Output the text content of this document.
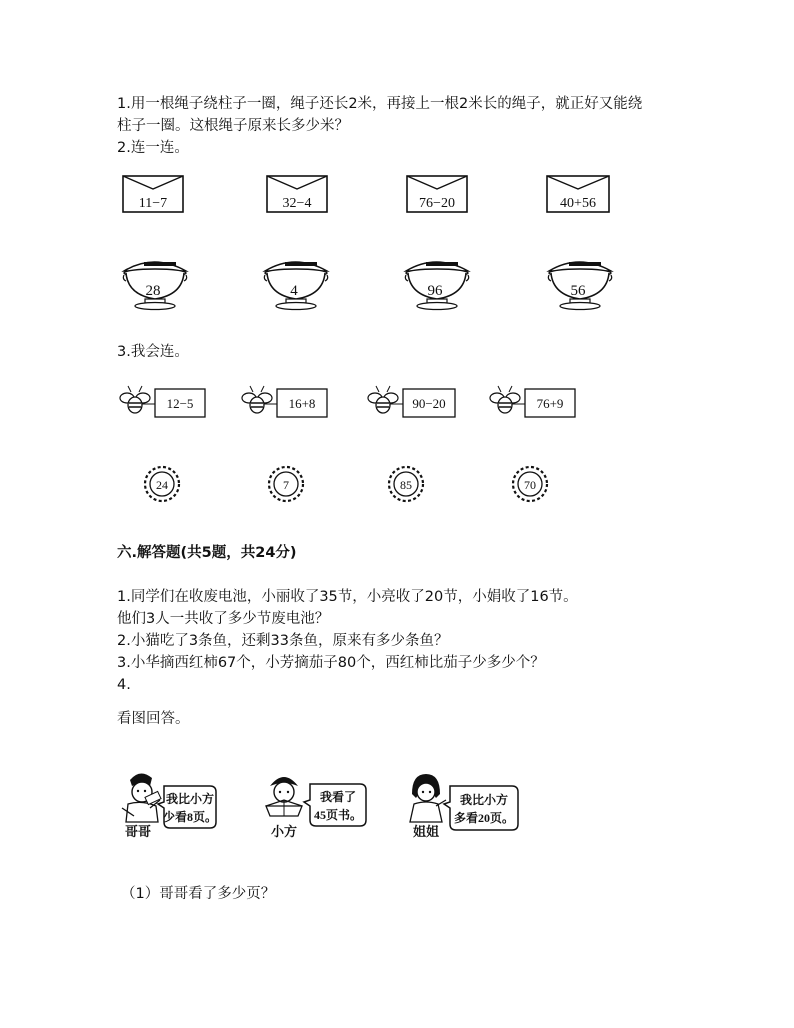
1.用一根绳子绕柱子一圈，绳子还长2米，再接上一根2米长的绳子，就正好又能绕
柱子一圈。这根绳子原来长多少米？
2.连一连。
11−7	32−4	76−20	40+56
28	4	96	56
3.我会连。
12−5	16+8	90−20	76+9
24	7	85	70
六.解答题(共5题，共24分)
1.同学们在收废电池，小丽收了35节，小亮收了20节，小娟收了16节。
他们3人一共收了多少节废电池？
2.小猫吃了3条鱼，还剩33条鱼，原来有多少条鱼？
3.小华摘西红柿67个，小芳摘茄子80个，西红柿比茄子少多少个？
4.
看图回答。
哥哥
我比小方
少看8页。
小方
我看了
45页书。
姐姐
我比小方
多看20页。
（1）哥哥看了多少页？
